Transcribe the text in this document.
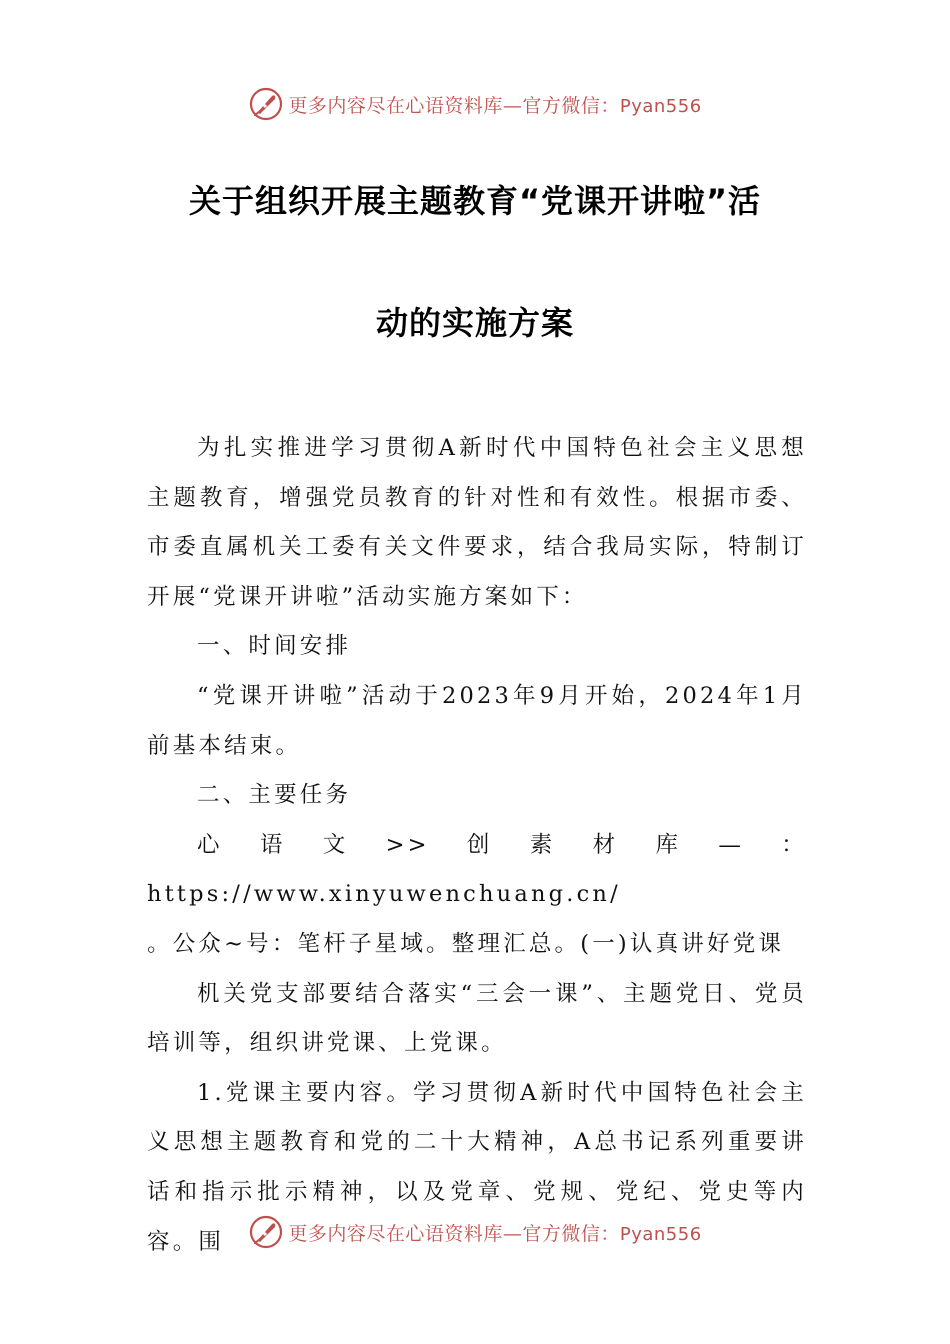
更多内容尽在心语资料库—官方微信：Pyan556
关于组织开展主题教育“党课开讲啦”活
动的实施方案

为扎实推进学习贯彻A新时代中国特色社会主义思想主题教育，增强党员教育的针对性和有效性。根据市委、市委直属机关工委有关文件要求，结合我局实际，特制订开展“党课开讲啦”活动实施方案如下：

一、时间安排

“党课开讲啦”活动于2023年9月开始，2024年1月前基本结束。

二、主要任务

心语文>>创素材库—：https://www.xinyuwenchuang.cn/

。公众~号：笔杆子星域。整理汇总。(一)认真讲好党课

机关党支部要结合落实“三会一课”、主题党日、党员培训等，组织讲党课、上党课。

1.党课主要内容。学习贯彻A新时代中国特色社会主义思想主题教育和党的二十大精神，A总书记系列重要讲话和指示批示精神，以及党章、党规、党纪、党史等内容。围	更多内容尽在心语资料库—官方微信：Pyan556
